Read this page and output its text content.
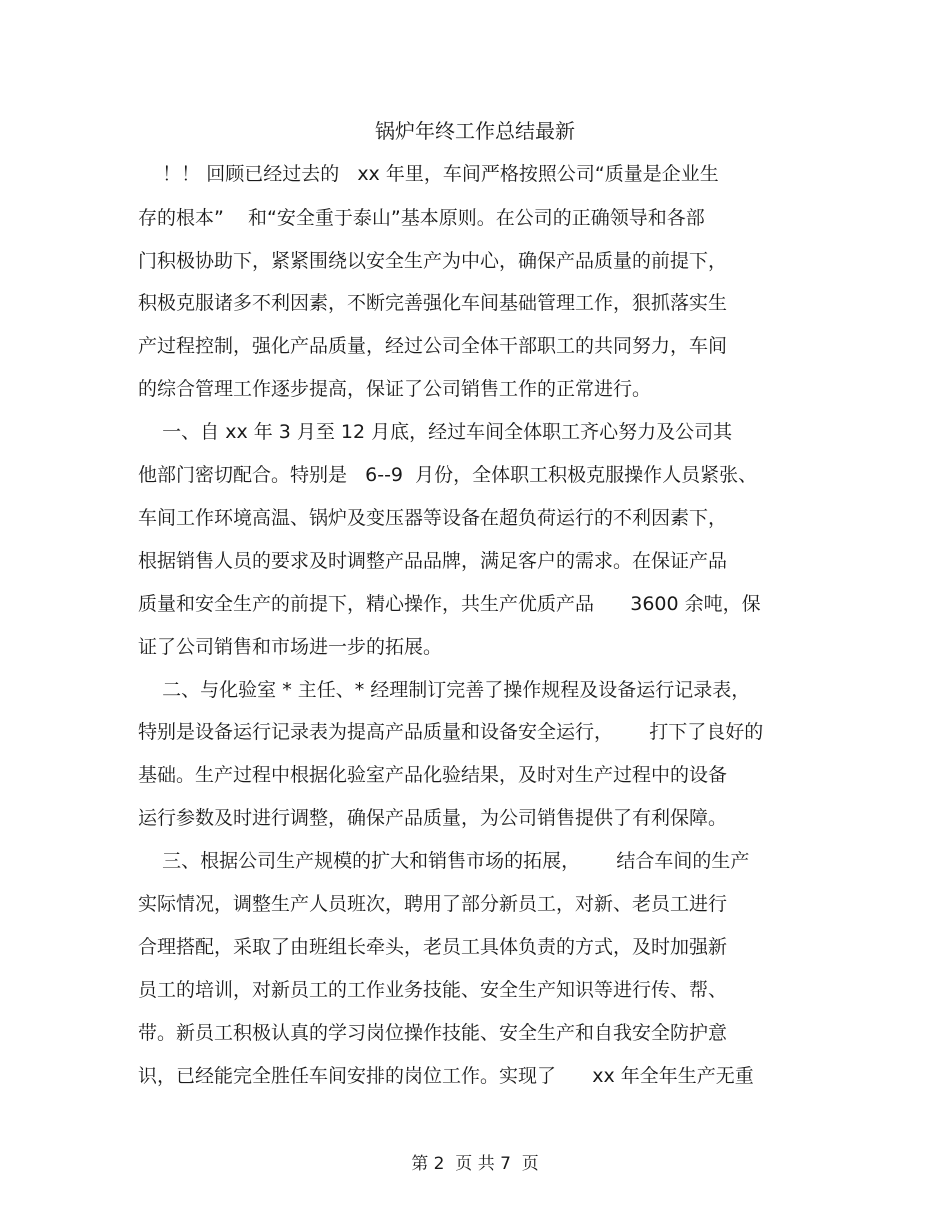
锅炉年终工作总结最新
！！ 回顾已经过去的   xx 年里，车间严格按照公司“质量是企业生
存的根本”    和“安全重于泰山”基本原则。在公司的正确领导和各部
门积极协助下，紧紧围绕以安全生产为中心，确保产品质量的前提下，
积极克服诸多不利因素，不断完善强化车间基础管理工作，狠抓落实生
产过程控制，强化产品质量，经过公司全体干部职工的共同努力，车间
的综合管理工作逐步提高，保证了公司销售工作的正常进行。
一、自 xx 年 3 月至 12 月底，经过车间全体职工齐心努力及公司其
他部门密切配合。特别是   6--9  月份，全体职工积极克服操作人员紧张、
车间工作环境高温、锅炉及变压器等设备在超负荷运行的不利因素下，
根据销售人员的要求及时调整产品品牌，满足客户的需求。在保证产品
质量和安全生产的前提下，精心操作，共生产优质产品      3600 余吨，保
证了公司销售和市场进一步的拓展。
二、与化验室 * 主任、* 经理制订完善了操作规程及设备运行记录表，
特别是设备运行记录表为提高产品质量和设备安全运行，      打下了良好的
基础。生产过程中根据化验室产品化验结果，及时对生产过程中的设备
运行参数及时进行调整，确保产品质量，为公司销售提供了有利保障。
三、根据公司生产规模的扩大和销售市场的拓展，      结合车间的生产
实际情况，调整生产人员班次，聘用了部分新员工，对新、老员工进行
合理搭配，采取了由班组长牵头，老员工具体负责的方式，及时加强新
员工的培训，对新员工的工作业务技能、安全生产知识等进行传、帮、
带。新员工积极认真的学习岗位操作技能、安全生产和自我安全防护意
识，已经能完全胜任车间安排的岗位工作。实现了      xx 年全年生产无重
第 2  页 共 7  页
